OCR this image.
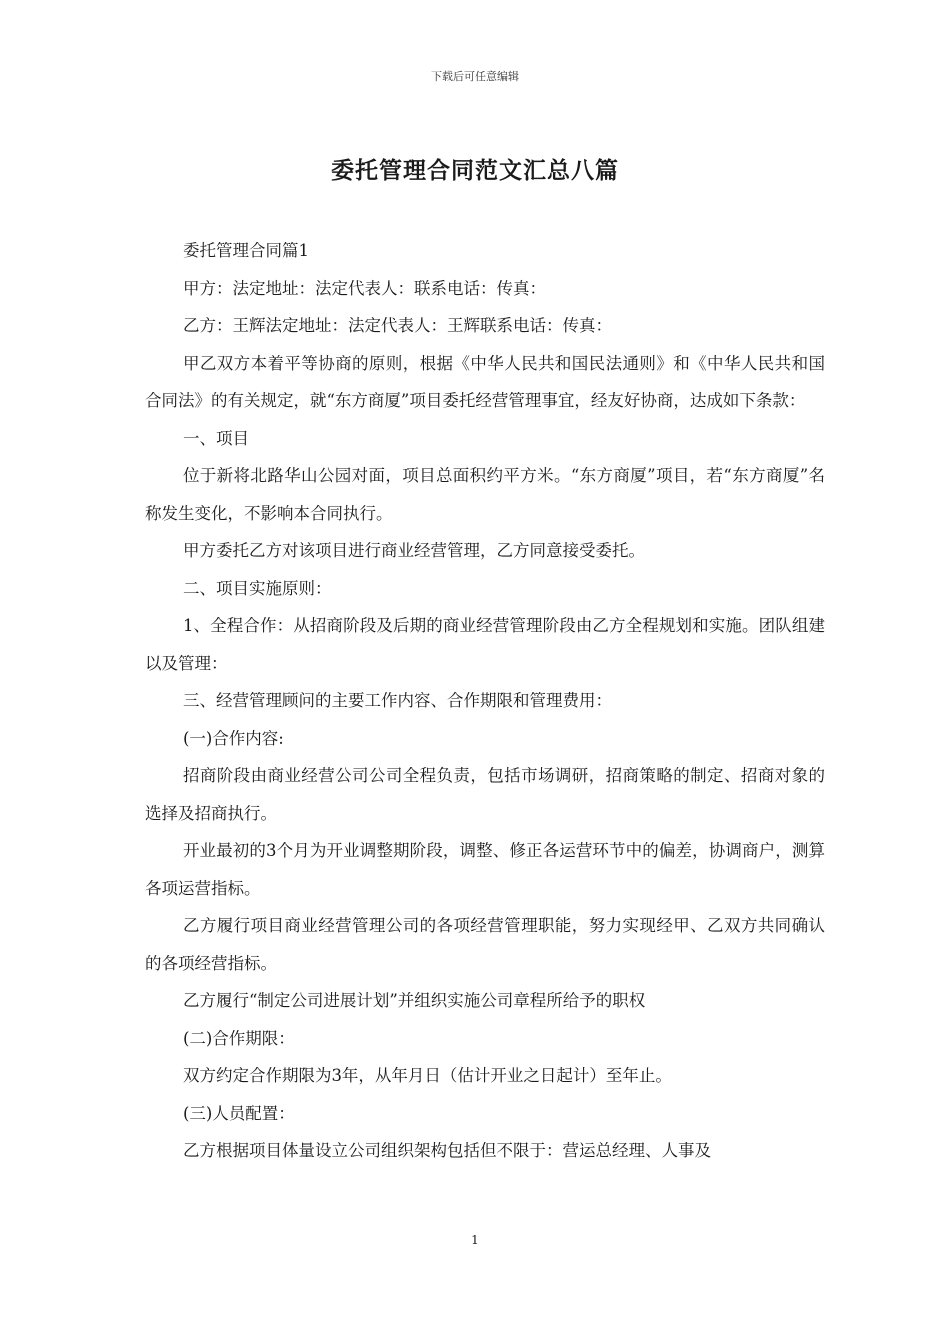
下载后可任意编辑
委托管理合同范文汇总八篇

委托管理合同篇1

甲方：法定地址：法定代表人：联系电话：传真：

乙方：王辉法定地址：法定代表人：王辉联系电话：传真：

甲乙双方本着平等协商的原则，根据《中华人民共和国民法通则》和《中华人民共和国合同法》的有关规定，就“东方商厦”项目委托经营管理事宜，经友好协商，达成如下条款：

一、项目

位于新将北路华山公园对面，项目总面积约平方米。“东方商厦”项目，若“东方商厦”名称发生变化，不影响本合同执行。

甲方委托乙方对该项目进行商业经营管理，乙方同意接受委托。

二、项目实施原则：

1、全程合作：从招商阶段及后期的商业经营管理阶段由乙方全程规划和实施。团队组建以及管理：

三、经营管理顾问的主要工作内容、合作期限和管理费用：

(一)合作内容:

招商阶段由商业经营公司公司全程负责，包括市场调研，招商策略的制定、招商对象的选择及招商执行。

开业最初的3个月为开业调整期阶段，调整、修正各运营环节中的偏差，协调商户，测算各项运营指标。

乙方履行项目商业经营管理公司的各项经营管理职能，努力实现经甲、乙双方共同确认的各项经营指标。

乙方履行“制定公司进展计划”并组织实施公司章程所给予的职权

(二)合作期限：

双方约定合作期限为3年，从年月日（估计开业之日起计）至年止。

(三)人员配置：

乙方根据项目体量设立公司组织架构包括但不限于：营运总经理、人事及

1
